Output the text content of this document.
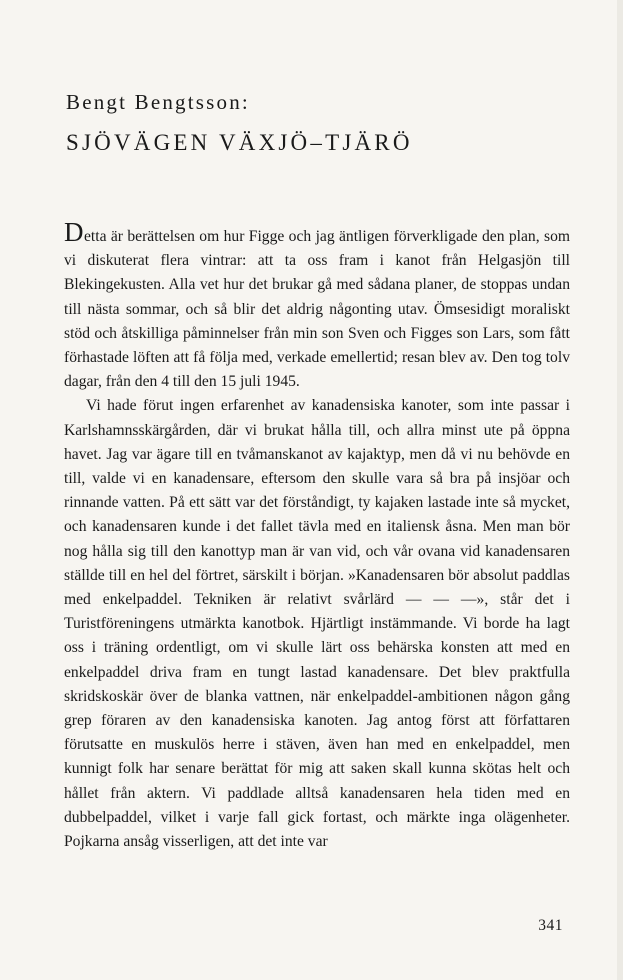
Bengt Bengtsson:
SJÖVÄGEN VÄXJÖ–TJÄRÖ

Detta är berättelsen om hur Figge och jag äntligen förverkligade den plan, som vi diskuterat flera vintrar: att ta oss fram i kanot från Helgasjön till Blekingekusten. Alla vet hur det brukar gå med sådana planer, de stoppas undan till nästa sommar, och så blir det aldrig någonting utav. Ömsesidigt moraliskt stöd och åtskilliga påminnelser från min son Sven och Figges son Lars, som fått förhastade löften att få följa med, verkade emellertid; resan blev av. Den tog tolv dagar, från den 4 till den 15 juli 1945.

Vi hade förut ingen erfarenhet av kanadensiska kanoter, som inte passar i Karlshamnsskärgården, där vi brukat hålla till, och allra minst ute på öppna havet. Jag var ägare till en tvåmanskanot av kajaktyp, men då vi nu behövde en till, valde vi en kanadensare, eftersom den skulle vara så bra på insjöar och rinnande vatten. På ett sätt var det förståndigt, ty kajaken lastade inte så mycket, och kanadensaren kunde i det fallet tävla med en italiensk åsna. Men man bör nog hålla sig till den kanottyp man är van vid, och vår ovana vid kanadensaren ställde till en hel del förtret, särskilt i början. »Kanadensaren bör absolut paddlas med enkelpaddel. Tekniken är relativt svårlärd — — —», står det i Turistföreningens utmärkta kanotbok. Hjärtligt instämmande. Vi borde ha lagt oss i träning ordentligt, om vi skulle lärt oss behärska konsten att med en enkelpaddel driva fram en tungt lastad kanadensare. Det blev praktfulla skridskoskär över de blanka vattnen, när enkelpaddel-ambitionen någon gång grep föraren av den kanadensiska kanoten. Jag antog först att författaren förutsatte en muskulös herre i stäven, även han med en enkelpaddel, men kunnigt folk har senare berättat för mig att saken skall kunna skötas helt och hållet från aktern. Vi paddlade alltså kanadensaren hela tiden med en dubbelpaddel, vilket i varje fall gick fortast, och märkte inga olägenheter. Pojkarna ansåg visserligen, att det inte var

341
